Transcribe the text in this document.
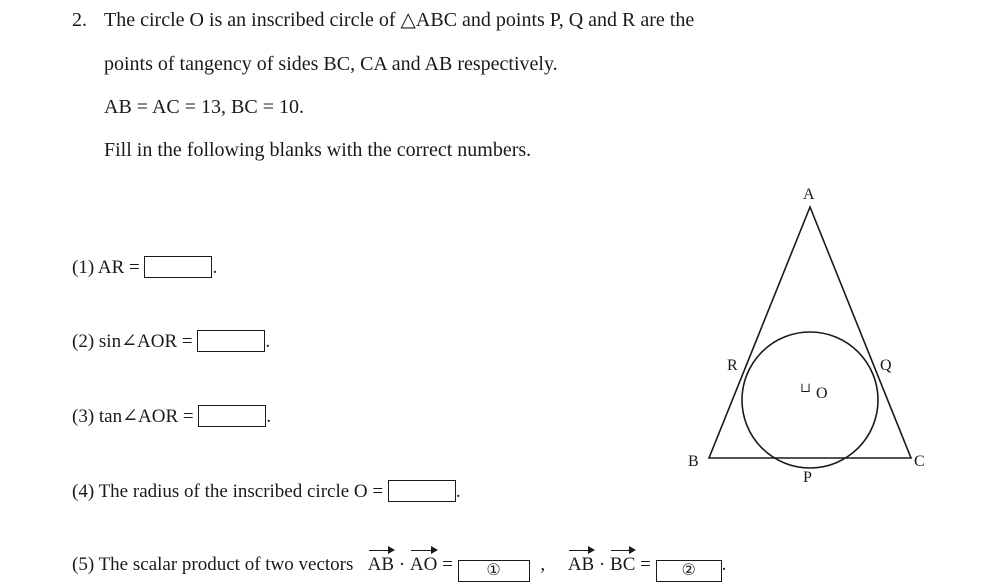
2. The circle O is an inscribed circle of △ABC and points P, Q and R are the
points of tangency of sides BC, CA and AB respectively.
AB = AC = 13, BC = 10.
Fill in the following blanks with the correct numbers.
(1) AR =	.
(2) sin∠AOR =	.
(3) tan∠AOR =	.
(4) The radius of the inscribed circle O =	.
(5) The scalar product of two vectors AB · AO = ① , AB · BC = ② .
A
B	C
P
Q
R
⊔ O
